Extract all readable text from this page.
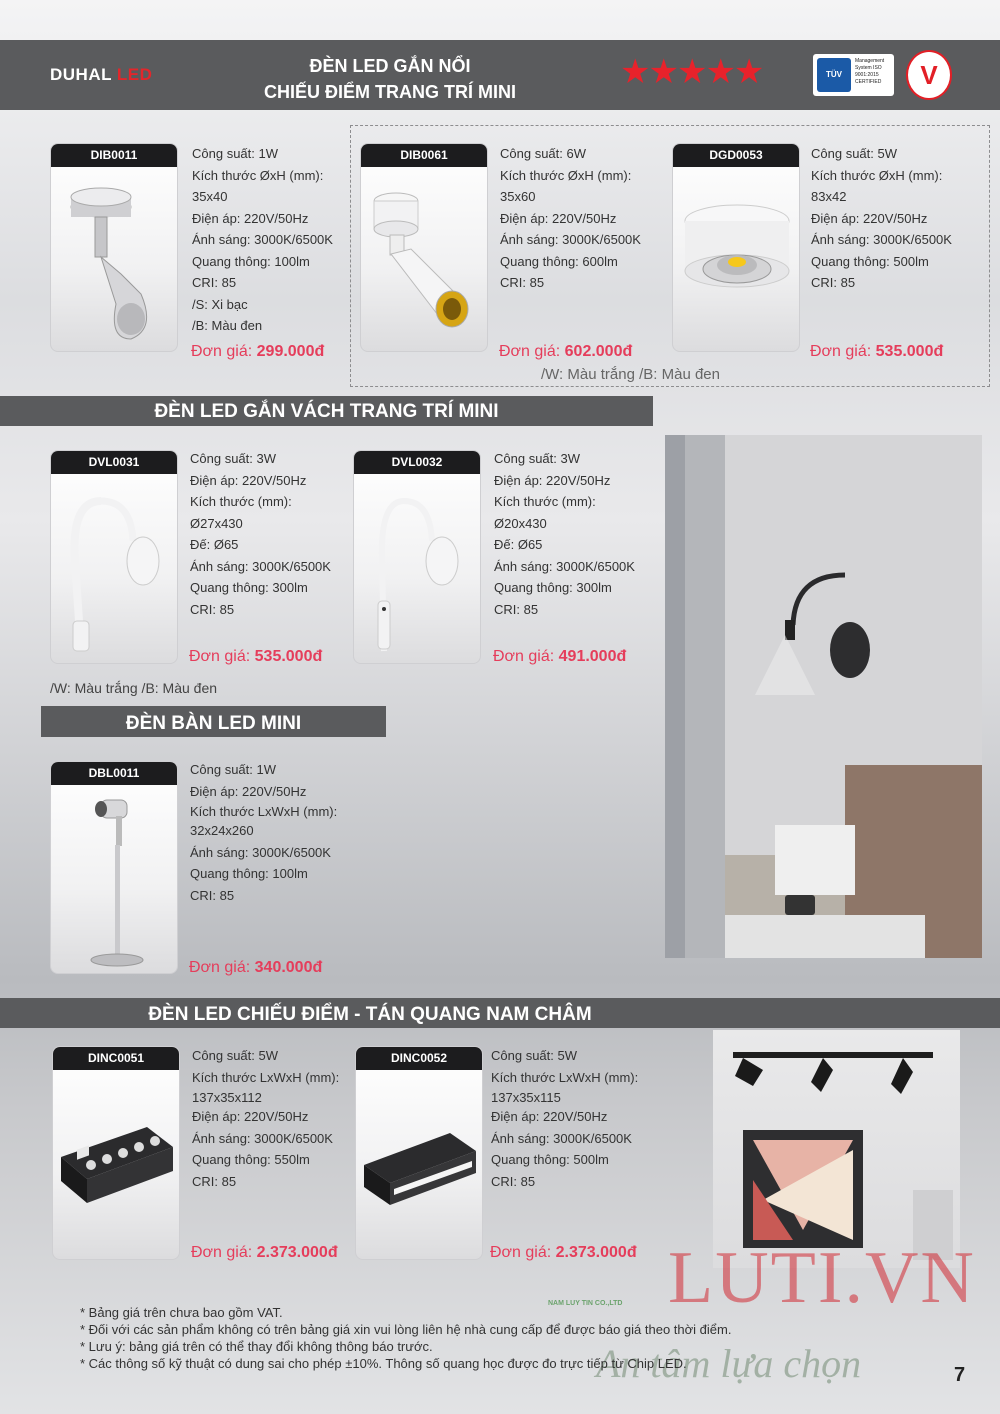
DUHAL LED	ĐÈN LED GẮN NỔI
CHIẾU ĐIỂM TRANG TRÍ MINI
★★★★★	TÜV
Management System ISO 9001:2015 CERTIFIED	V
DIB0011	Công suất: 1W
Kích thước ØxH (mm):
35x40
Điện áp: 220V/50Hz
Ánh sáng: 3000K/6500K
Quang thông: 100lm
CRI: 85
/S: Xi bạc
/B: Màu đen
Đơn giá: 299.000đ
DIB0061	Công suất: 6W
Kích thước ØxH (mm):
35x60
Điện áp: 220V/50Hz
Ánh sáng: 3000K/6500K
Quang thông: 600lm
CRI: 85
Đơn giá: 602.000đ
DGD0053	Công suất: 5W
Kích thước ØxH (mm):
83x42
Điện áp: 220V/50Hz
Ánh sáng: 3000K/6500K
Quang thông: 500lm
CRI: 85
Đơn giá: 535.000đ
/W: Màu trắng /B: Màu đen
ĐÈN LED GẮN VÁCH TRANG TRÍ MINI
DVL0031	Công suất: 3W
Điện áp: 220V/50Hz
Kích thước (mm):
Ø27x430
Đế: Ø65
Ánh sáng: 3000K/6500K
Quang thông: 300lm
CRI: 85
Đơn giá: 535.000đ
DVL0032	Công suất: 3W
Điện áp: 220V/50Hz
Kích thước (mm):
Ø20x430
Đế: Ø65
Ánh sáng: 3000K/6500K
Quang thông: 300lm
CRI: 85
Đơn giá: 491.000đ
/W: Màu trắng /B: Màu đen
ĐÈN BÀN LED MINI
DBL0011	Công suất: 1W
Điện áp: 220V/50Hz
Kích thước LxWxH (mm):
32x24x260
Ánh sáng: 3000K/6500K
Quang thông: 100lm
CRI: 85
Đơn giá: 340.000đ
ĐÈN LED CHIẾU ĐIỂM - TÁN QUANG NAM CHÂM
DINC0051	Công suất: 5W
Kích thước LxWxH (mm):
137x35x112
Điện áp: 220V/50Hz
Ánh sáng: 3000K/6500K
Quang thông: 550lm
CRI: 85
Đơn giá: 2.373.000đ
DINC0052	Công suất: 5W
Kích thước LxWxH (mm):
137x35x115
Điện áp: 220V/50Hz
Ánh sáng: 3000K/6500K
Quang thông: 500lm
CRI: 85
Đơn giá: 2.373.000đ
NAM LUY TIN CO.,LTD LUTI.VN
An tâm lựa chọn
* Bảng giá trên chưa bao gồm VAT.
* Đối với các sản phẩm không có trên bảng giá xin vui lòng liên hệ nhà cung cấp để được báo giá theo thời điểm.
* Lưu ý: bảng giá trên có thể thay đổi không thông báo trước.
* Các thông số kỹ thuật có dung sai cho phép ±10%. Thông số quang học được đo trực tiếp từ Chip LED.
7
